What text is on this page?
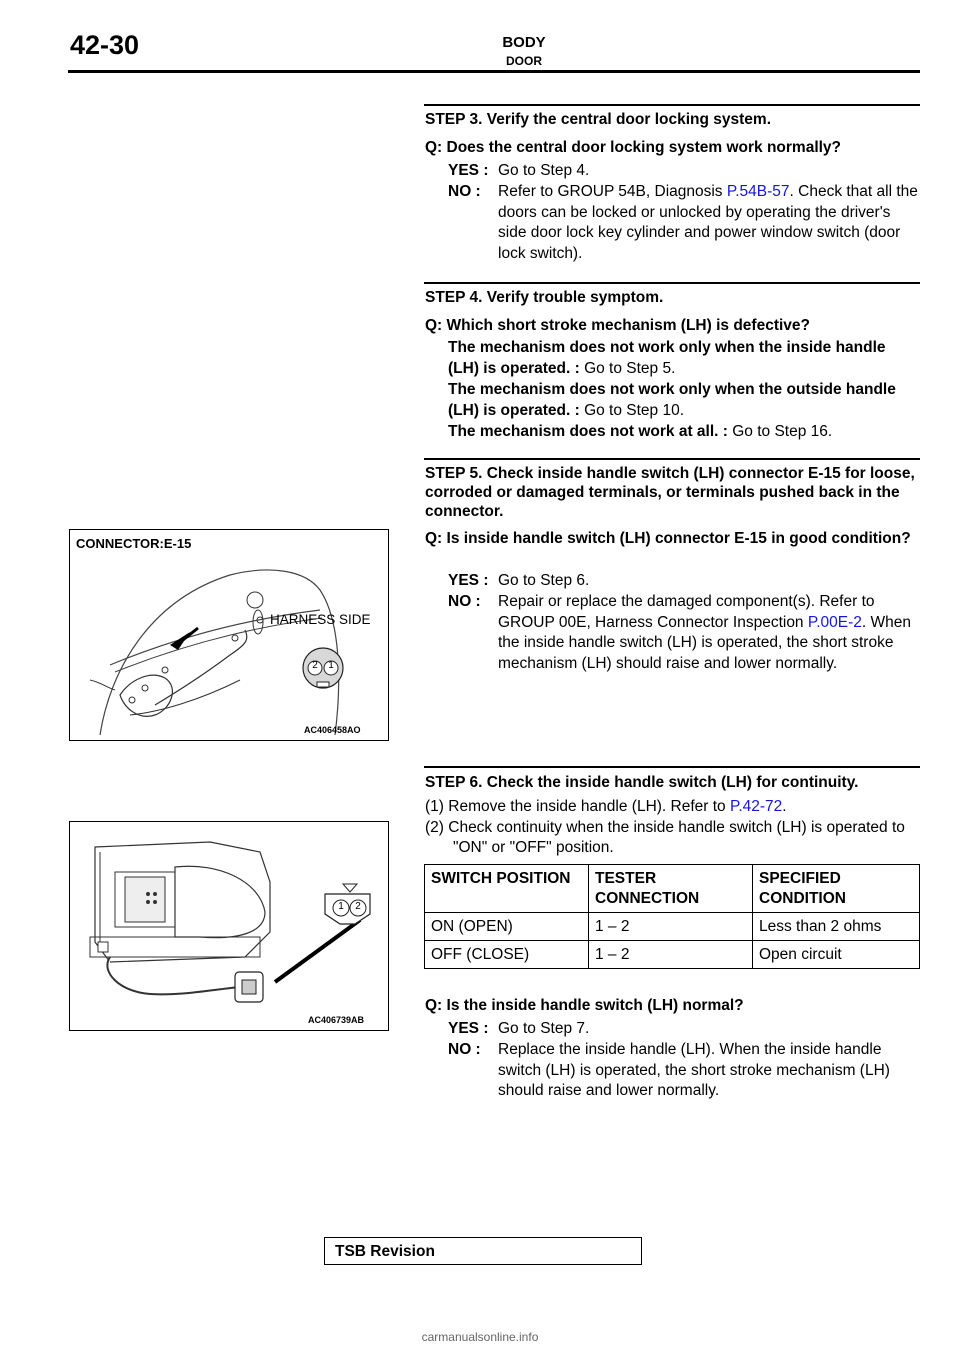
42-30	BODY
DOOR
STEP 3. Verify the central door locking system.
Q: Does the central door locking system work normally?
YES : Go to Step 4.
NO :	Refer to GROUP 54B, Diagnosis P.54B-57. Check that all the doors can be locked or unlocked by operating the driver's side door lock key cylinder and power window switch (door lock switch).
STEP 4. Verify trouble symptom.
Q: Which short stroke mechanism (LH) is defective?
The mechanism does not work only when the inside handle (LH) is operated. : Go to Step 5.
The mechanism does not work only when the outside handle (LH) is operated. : Go to Step 10.
The mechanism does not work at all. : Go to Step 16.
STEP 5. Check inside handle switch (LH) connector E-15 for loose, corroded or damaged terminals, or terminals pushed back in the connector.
Q: Is inside handle switch (LH) connector E-15 in good condition?
YES : Go to Step 6.
NO :	Repair or replace the damaged component(s). Refer to GROUP 00E, Harness Connector Inspection P.00E-2. When the inside handle switch (LH) is operated, the short stroke mechanism (LH) should raise and lower normally.
CONNECTOR:E-15
HARNESS SIDE
2 1
AC406458AO
STEP 6. Check the inside handle switch (LH) for continuity.
(1) Remove the inside handle (LH). Refer to P.42-72.
(2) Check continuity when the inside handle switch (LH) is operated to "ON" or "OFF" position.
SWITCH POSITION	TESTER CONNECTION	SPECIFIED CONDITION
ON (OPEN)	1 – 2	Less than 2 ohms
OFF (CLOSE)	1 – 2	Open circuit
Q: Is the inside handle switch (LH) normal?
YES : Go to Step 7.
NO :	Replace the inside handle (LH). When the inside handle switch (LH) is operated, the short stroke mechanism (LH) should raise and lower normally.
1 2
AC406739AB
TSB Revision
carmanualsonline.info
